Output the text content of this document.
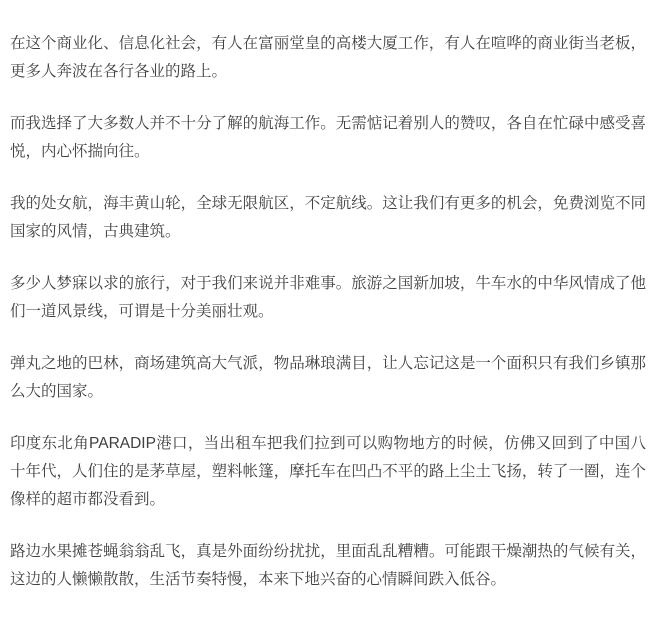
在这个商业化、信息化社会，有人在富丽堂皇的高楼大厦工作，有人在喧哗的商业街当老板，更多人奔波在各行各业的路上。

而我选择了大多数人并不十分了解的航海工作。无需惦记着别人的赞叹，各自在忙碌中感受喜悦，内心怀揣向往。

我的处女航，海丰黄山轮，全球无限航区，不定航线。这让我们有更多的机会，免费浏览不同国家的风情，古典建筑。

多少人梦寐以求的旅行，对于我们来说并非难事。旅游之国新加坡，牛车水的中华风情成了他们一道风景线，可谓是十分美丽壮观。

弹丸之地的巴林，商场建筑高大气派，物品琳琅满目，让人忘记这是一个面积只有我们乡镇那么大的国家。

印度东北角PARADIP港口，当出租车把我们拉到可以购物地方的时候，仿佛又回到了中国八十年代，人们住的是茅草屋，塑料帐篷，摩托车在凹凸不平的路上尘土飞扬，转了一圈，连个像样的超市都没看到。

路边水果摊苍蝇翁翁乱飞，真是外面纷纷扰扰，里面乱乱糟糟。可能跟干燥潮热的气候有关，这边的人懒懒散散，生活节奏特慢，本来下地兴奋的心情瞬间跌入低谷。
